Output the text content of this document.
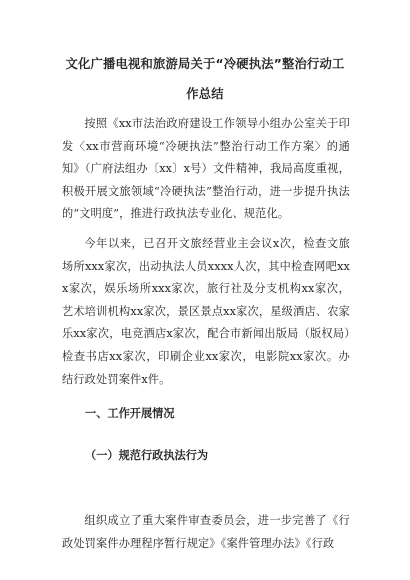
文化广播电视和旅游局关于“冷硬执法”整治行动工作总结

按照《xx市法治政府建设工作领导小组办公室关于印发〈xx市营商环境“冷硬执法”整治行动工作方案〉的通知》（广府法组办〔xx〕x号）文件精神，我局高度重视，积极开展文旅领域“冷硬执法”整治行动，进一步提升执法的“文明度”，推进行政执法专业化、规范化。

今年以来，已召开文旅经营业主会议x次，检查文旅场所xxx家次，出动执法人员xxxx人次，其中检查网吧xxx家次，娱乐场所xxx家次，旅行社及分支机构xx家次，艺术培训机构xx家次，景区景点xx家次，星级酒店、农家乐xx家次，电竞酒店x家次，配合市新闻出版局（版权局）检查书店xx家次，印刷企业xx家次，电影院xx家次。办结行政处罚案件x件。

一、工作开展情况
（一）规范行政执法行为

组织成立了重大案件审查委员会，进一步完善了《行政处罚案件办理程序暂行规定》《案件管理办法》《行政
